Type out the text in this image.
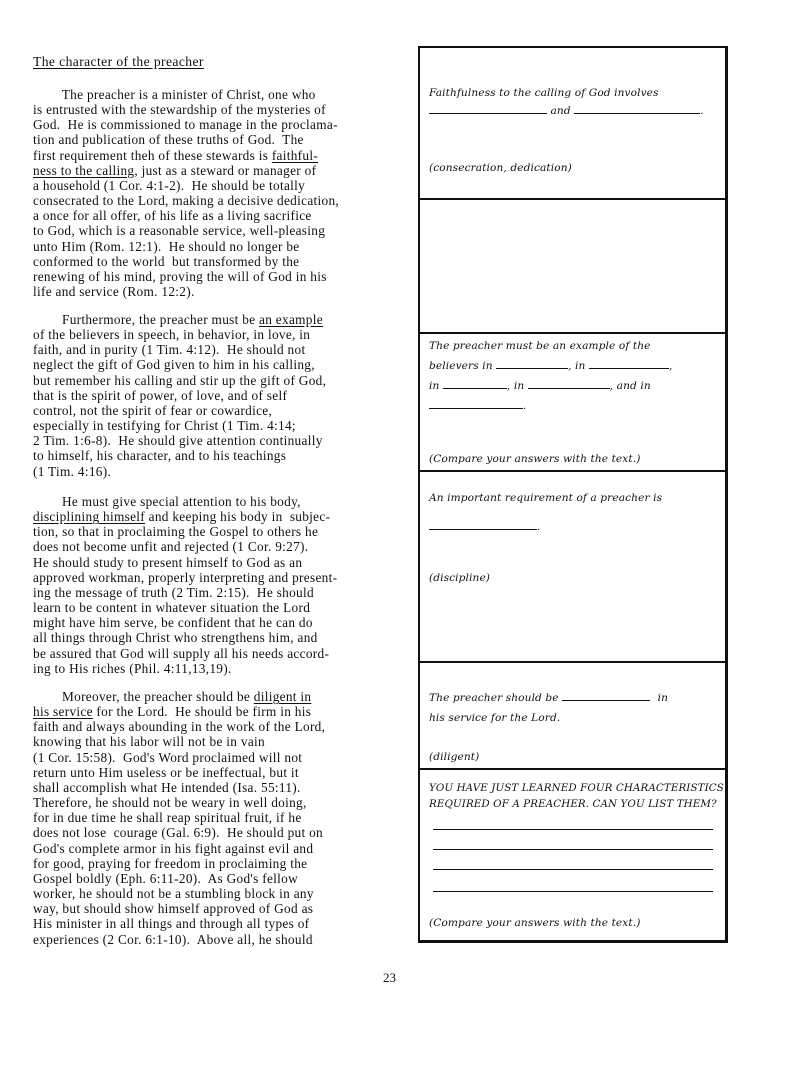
The character of the preacher
The preacher is a minister of Christ, one who
is entrusted with the stewardship of the mysteries of
God.  He is commissioned to manage in the proclama-
tion and publication of these truths of God.  The
first requirement theh of these stewards is faithful-
ness to the calling, just as a steward or manager of
a household (1 Cor. 4:1-2).  He should be totally
consecrated to the Lord, making a decisive dedication,
a once for all offer, of his life as a living sacrifice
to God, which is a reasonable service, well-pleasing
unto Him (Rom. 12:1).  He should no longer be
conformed to the world  but transformed by the
renewing of his mind, proving the will of God in his
life and service (Rom. 12:2).
Furthermore, the preacher must be an example
of the believers in speech, in behavior, in love, in
faith, and in purity (1 Tim. 4:12).  He should not
neglect the gift of God given to him in his calling,
but remember his calling and stir up the gift of God,
that is the spirit of power, of love, and of self
control, not the spirit of fear or cowardice,
especially in testifying for Christ (1 Tim. 4:14;
2 Tim. 1:6-8).  He should give attention continually
to himself, his character, and to his teachings
(1 Tim. 4:16).
He must give special attention to his body,
disciplining himself and keeping his body in  subjec-
tion, so that in proclaiming the Gospel to others he
does not become unfit and rejected (1 Cor. 9:27).
He should study to present himself to God as an
approved workman, properly interpreting and present-
ing the message of truth (2 Tim. 2:15).  He should
learn to be content in whatever situation the Lord
might have him serve, be confident that he can do
all things through Christ who strengthens him, and
be assured that God will supply all his needs accord-
ing to His riches (Phil. 4:11,13,19).
Moreover, the preacher should be diligent in
his service for the Lord.  He should be firm in his
faith and always abounding in the work of the Lord,
knowing that his labor will not be in vain
(1 Cor. 15:58).  God's Word proclaimed will not
return unto Him useless or be ineffectual, but it
shall accomplish what He intended (Isa. 55:11).
Therefore, he should not be weary in well doing,
for in due time he shall reap spiritual fruit, if he
does not lose  courage (Gal. 6:9).  He should put on
God's complete armor in his fight against evil and
for good, praying for freedom in proclaiming the
Gospel boldly (Eph. 6:11-20).  As God's fellow
worker, he should not be a stumbling block in any
way, but should show himself approved of God as
His minister in all things and through all types of
experiences (2 Cor. 6:1-10).  Above all, he should
Faithfulness to the calling of God involves
and	.
(consecration, dedication)
The preacher must be an example of the
believers in	, in	,
in	, in	, and in
.
(Compare your answers with the text.)
An important requirement of a preacher is
.
(discipline)
The preacher should be	in
his service for the Lord.
(diligent)
YOU HAVE JUST LEARNED FOUR CHARACTERISTICS
REQUIRED OF A PREACHER. CAN YOU LIST THEM?
(Compare your answers with the text.)
23
